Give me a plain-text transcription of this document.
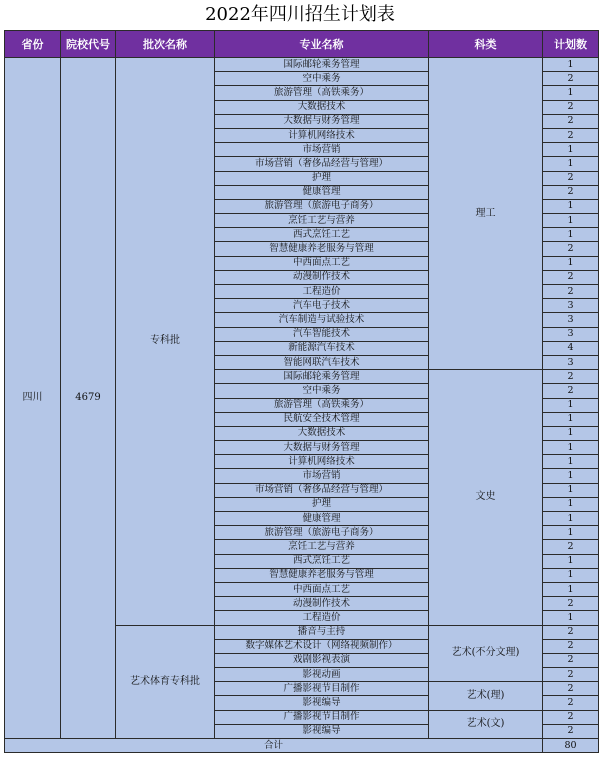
2022年四川招生计划表
省份	院校代号	批次名称	专业名称	科类	计划数
四川	4679	专科批	国际邮轮乘务管理	理工	1
			空中乘务		2
			旅游管理（高铁乘务）		1
			大数据技术		2
			大数据与财务管理		2
			计算机网络技术		2
			市场营销		1
			市场营销（奢侈品经营与管理）		1
			护理		2
			健康管理		2
			旅游管理（旅游电子商务）		1
			烹饪工艺与营养		1
			西式烹饪工艺		1
			智慧健康养老服务与管理		2
			中西面点工艺		1
			动漫制作技术		2
			工程造价		2
			汽车电子技术		3
			汽车制造与试验技术		3
			汽车智能技术		3
			新能源汽车技术		4
			智能网联汽车技术		3
			国际邮轮乘务管理	文史	2
			空中乘务		2
			旅游管理（高铁乘务）		1
			民航安全技术管理		1
			大数据技术		1
			大数据与财务管理		1
			计算机网络技术		1
			市场营销		1
			市场营销（奢侈品经营与管理）		1
			护理		1
			健康管理		1
			旅游管理（旅游电子商务）		1
			烹饪工艺与营养		2
			西式烹饪工艺		1
			智慧健康养老服务与管理		1
			中西面点工艺		1
			动漫制作技术		2
			工程造价		1
		艺术体育专科批	播音与主持	艺术(不分文理)	2
			数字媒体艺术设计（网络视频制作）		2
			戏剧影视表演		2
			影视动画		2
			广播影视节目制作	艺术(理)	2
			影视编导		2
			广播影视节目制作	艺术(文)	2
			影视编导		2
合计					80
